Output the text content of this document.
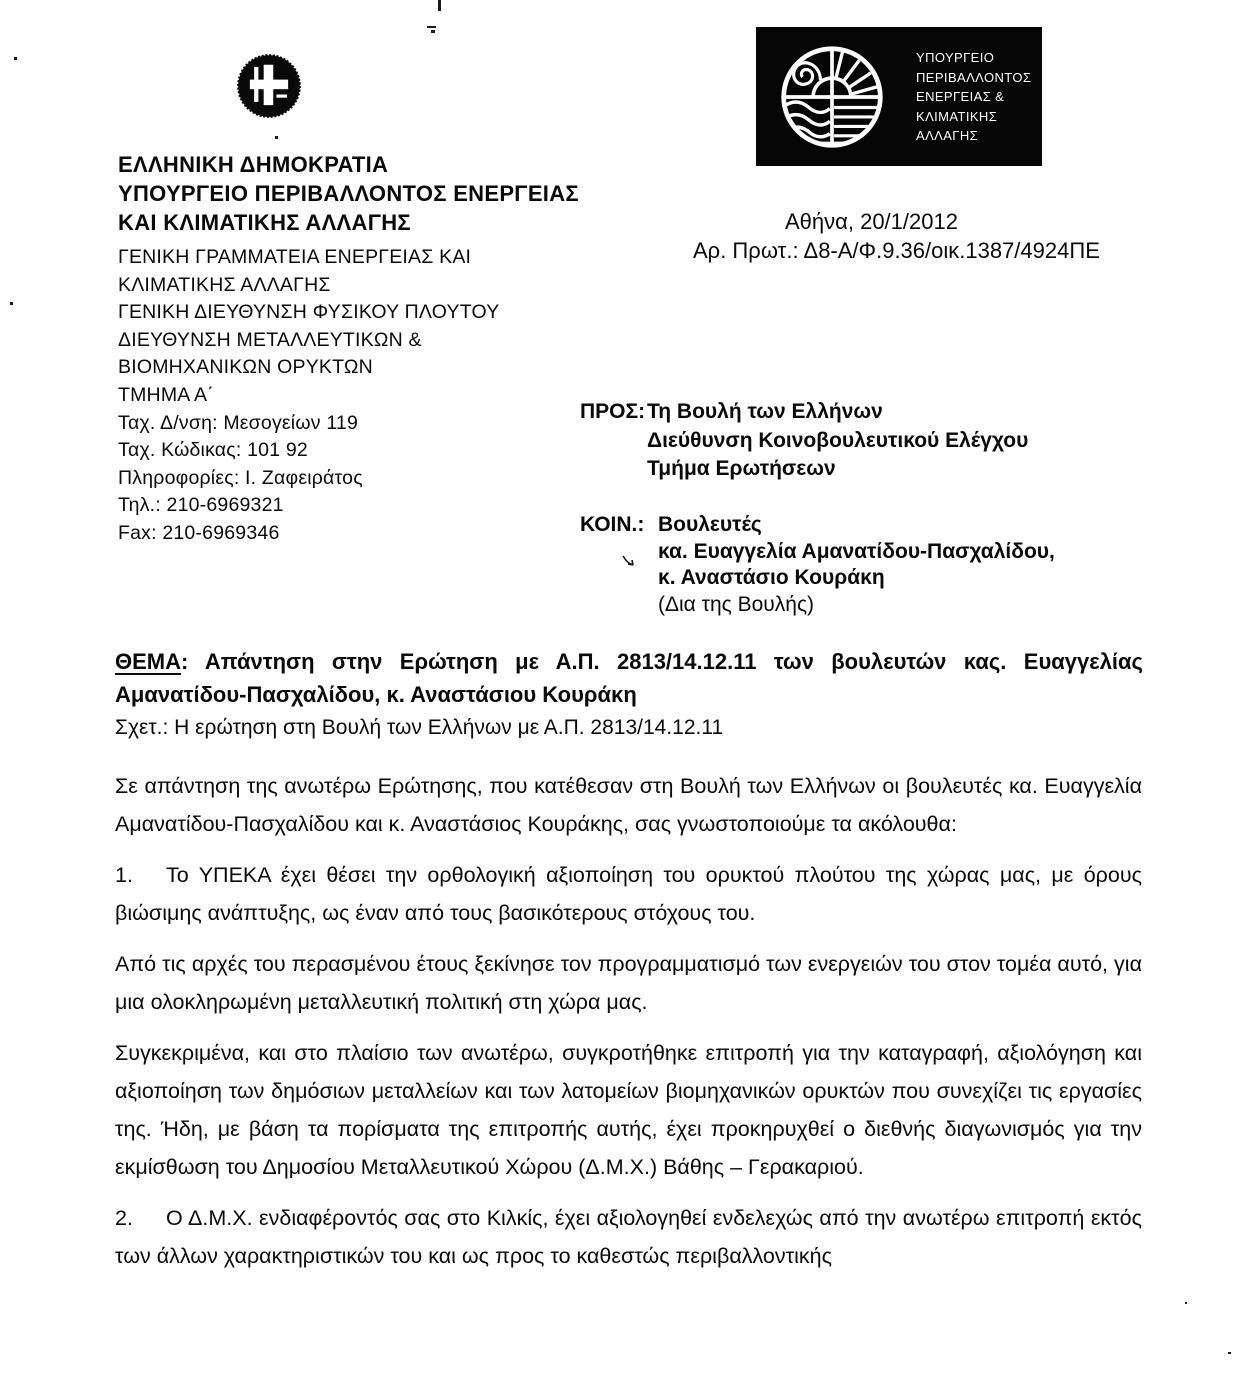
ΕΛΛΗΝΙΚΗ ΔΗΜΟΚΡΑΤΙΑ
ΥΠΟΥΡΓΕΙΟ ΠΕΡΙΒΑΛΛΟΝΤΟΣ ΕΝΕΡΓΕΙΑΣ
ΚΑΙ ΚΛΙΜΑΤΙΚΗΣ ΑΛΛΑΓΗΣ
ΓΕΝΙΚΗ ΓΡΑΜΜΑΤΕΙΑ ΕΝΕΡΓΕΙΑΣ ΚΑΙ
ΚΛΙΜΑΤΙΚΗΣ ΑΛΛΑΓΗΣ
ΓΕΝΙΚΗ ΔΙΕΥΘΥΝΣΗ ΦΥΣΙΚΟΥ ΠΛΟΥΤΟΥ
ΔΙΕΥΘΥΝΣΗ ΜΕΤΑΛΛΕΥΤΙΚΩΝ &
ΒΙΟΜΗΧΑΝΙΚΩΝ ΟΡΥΚΤΩΝ
ΤΜΗΜΑ Α΄
Ταχ. Δ/νση: Μεσογείων 119
Ταχ. Κώδικας: 101 92
Πληροφορίες: Ι. Ζαφειράτος
Τηλ.: 210-6969321
Fax: 210-6969346
ΥΠΟΥΡΓΕΙΟ
ΠΕΡΙΒΑΛΛΟΝΤΟΣ
ΕΝΕΡΓΕΙΑΣ &
ΚΛΙΜΑΤΙΚΗΣ
ΑΛΛΑΓΗΣ
Αθήνα, 20/1/2012
Αρ. Πρωτ.: Δ8-Α/Φ.9.36/οικ.1387/4924ΠΕ
ΠΡΟΣ: Τη Βουλή των Ελλήνων
Διεύθυνση Κοινοβουλευτικού Ελέγχου
Τμήμα Ερωτήσεων
ΚΟΙΝ.: Βουλευτές
κα. Ευαγγελία Αμανατίδου-Πασχαλίδου,
κ. Αναστάσιο Κουράκη
(Δια της Βουλής)
ΘΕΜΑ: Απάντηση στην Ερώτηση με Α.Π. 2813/14.12.11 των βουλευτών κας. Ευαγγελίας Αμανατίδου-Πασχαλίδου, κ. Αναστάσιου Κουράκη
Σχετ.: Η ερώτηση στη Βουλή των Ελλήνων με Α.Π. 2813/14.12.11

Σε απάντηση της ανωτέρω Ερώτησης, που κατέθεσαν στη Βουλή των Ελλήνων οι βουλευτές κα. Ευαγγελία Αμανατίδου-Πασχαλίδου και κ. Αναστάσιος Κουράκης, σας γνωστοποιούμε τα ακόλουθα:

1. Το ΥΠΕΚΑ έχει θέσει την ορθολογική αξιοποίηση του ορυκτού πλούτου της χώρας μας, με όρους βιώσιμης ανάπτυξης, ως έναν από τους βασικότερους στόχους του.

Από τις αρχές του περασμένου έτους ξεκίνησε τον προγραμματισμό των ενεργειών του στον τομέα αυτό, για μια ολοκληρωμένη μεταλλευτική πολιτική στη χώρα μας.

Συγκεκριμένα, και στο πλαίσιο των ανωτέρω, συγκροτήθηκε επιτροπή για την καταγραφή, αξιολόγηση και αξιοποίηση των δημόσιων μεταλλείων και των λατομείων βιομηχανικών ορυκτών που συνεχίζει τις εργασίες της. Ήδη, με βάση τα πορίσματα της επιτροπής αυτής, έχει προκηρυχθεί ο διεθνής διαγωνισμός για την εκμίσθωση του Δημοσίου Μεταλλευτικού Χώρου (Δ.Μ.Χ.) Βάθης – Γερακαριού.

2. Ο Δ.Μ.Χ. ενδιαφέροντός σας στο Κιλκίς, έχει αξιολογηθεί ενδελεχώς από την ανωτέρω επιτροπή εκτός των άλλων χαρακτηριστικών του και ως προς το καθεστώς περιβαλλοντικής
